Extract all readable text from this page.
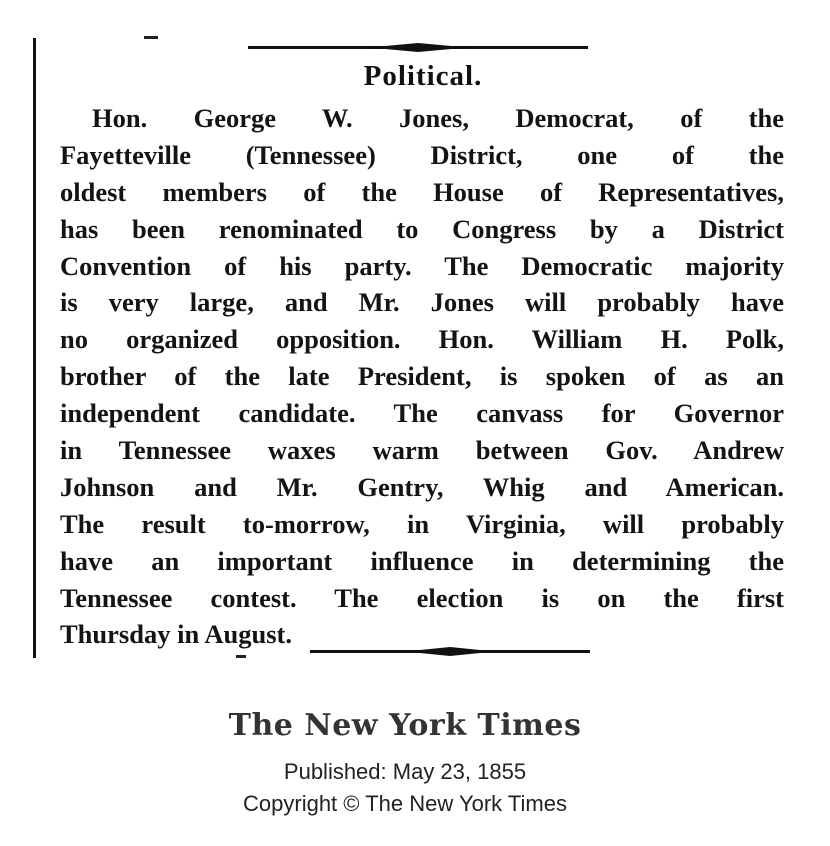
Political.
Hon. George W. Jones, Democrat, of the
Fayetteville (Tennessee) District, one of the
oldest members of the House of Representatives,
has been renominated to Congress by a District
Convention of his party. The Democratic majority
is very large, and Mr. Jones will probably have
no organized opposition. Hon. William H. Polk,
brother of the late President, is spoken of as an
independent candidate. The canvass for Governor
in Tennessee waxes warm between Gov. Andrew
Johnson and Mr. Gentry, Whig and American.
The result to-morrow, in Virginia, will probably
have an important influence in determining the
Tennessee contest. The election is on the first
Thursday in August.
The New York Times
Published: May 23, 1855
Copyright © The New York Times
